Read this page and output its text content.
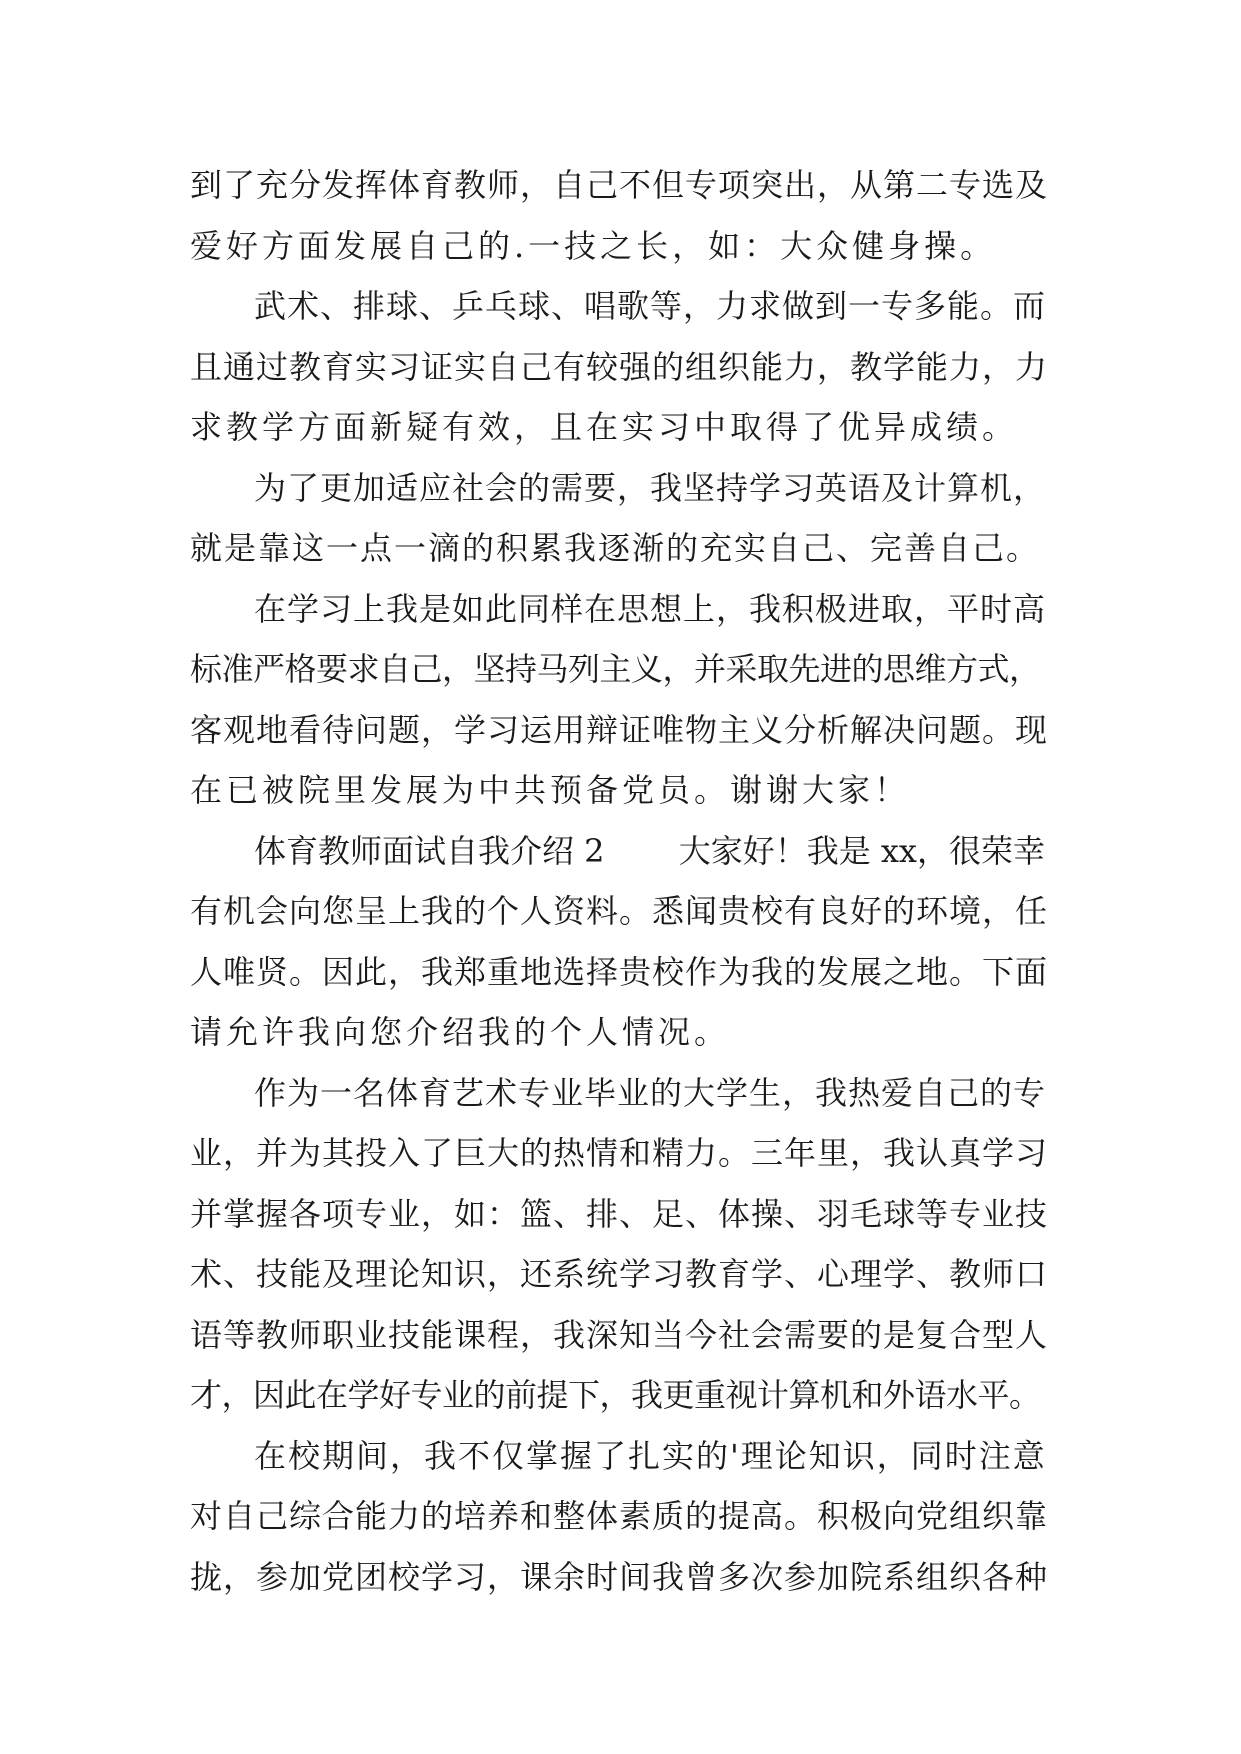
到了充分发挥体育教师，自己不但专项突出，从第二专选及
爱好方面发展自己的.一技之长，如：大众健身操。
武术、排球、乒乓球、唱歌等，力求做到一专多能。而
且通过教育实习证实自己有较强的组织能力，教学能力，力
求教学方面新疑有效，且在实习中取得了优异成绩。
为了更加适应社会的需要，我坚持学习英语及计算机，
就是靠这一点一滴的积累我逐渐的充实自己、完善自己。
在学习上我是如此同样在思想上，我积极进取，平时高
标准严格要求自己，坚持马列主义，并采取先进的思维方式，
客观地看待问题，学习运用辩证唯物主义分析解决问题。现
在已被院里发展为中共预备党员。谢谢大家！
体育教师面试自我介绍 2 　　大家好！我是 xx，很荣幸
有机会向您呈上我的个人资料。悉闻贵校有良好的环境，任
人唯贤。因此，我郑重地选择贵校作为我的发展之地。下面
请允许我向您介绍我的个人情况。
作为一名体育艺术专业毕业的大学生，我热爱自己的专
业，并为其投入了巨大的热情和精力。三年里，我认真学习
并掌握各项专业，如：篮、排、足、体操、羽毛球等专业技
术、技能及理论知识，还系统学习教育学、心理学、教师口
语等教师职业技能课程，我深知当今社会需要的是复合型人
才，因此在学好专业的前提下，我更重视计算机和外语水平。
在校期间，我不仅掌握了扎实的'理论知识，同时注意
对自己综合能力的培养和整体素质的提高。积极向党组织靠
拢，参加党团校学习，课余时间我曾多次参加院系组织各种
